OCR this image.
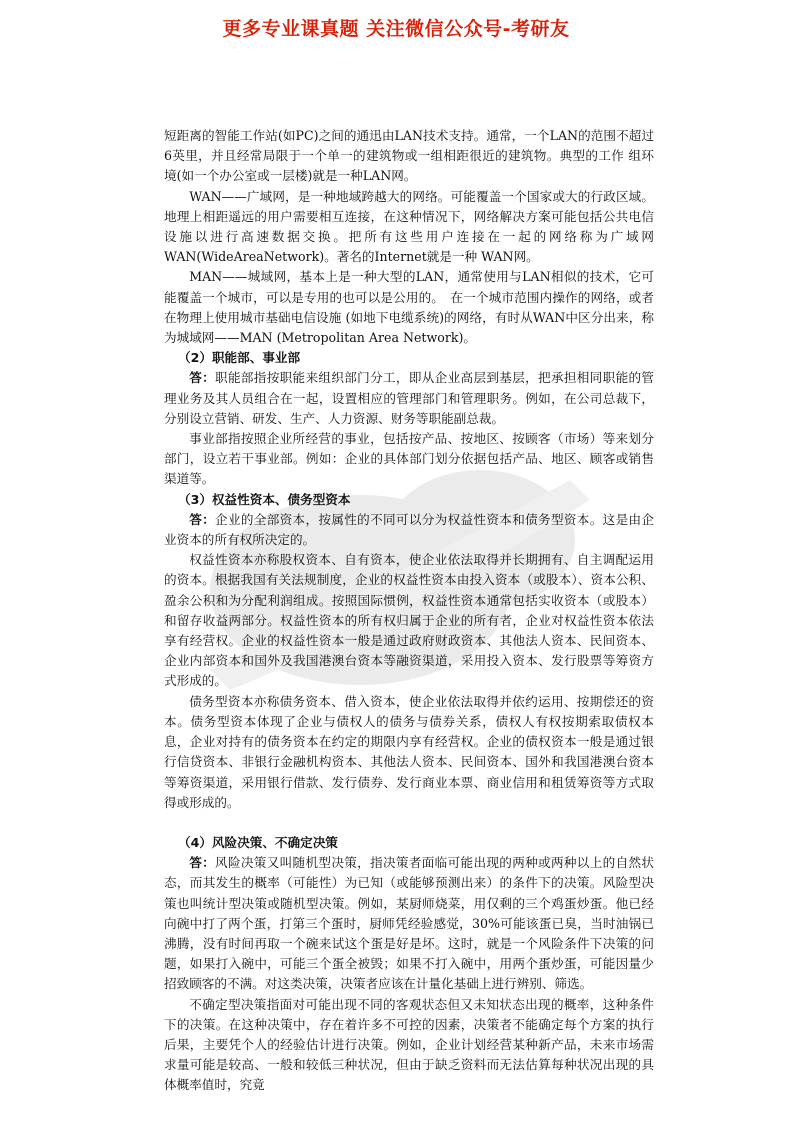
更多专业课真题 关注微信公众号-考研友

短距离的智能工作站(如PC)之间的通迅由LAN技术支持。通常，一个LAN的范围不超过6英里，并且经常局限于一个单一的建筑物或一组相距很近的建筑物。典型的工作 组环境(如一个办公室或一层楼)就是一种LAN网。

WAN——广域网，是一种地域跨越大的网络。可能覆盖一个国家或大的行政区域。地理上相距遥远的用户需要相互连接，在这种情况下，网络解决方案可能包括公共电信设施以进行高速数据交换。把所有这些用户连接在一起的网络称为广域网WAN(WideAreaNetwork)。著名的Internet就是一种 WAN网。

MAN——城域网，基本上是一种大型的LAN，通常使用与LAN相似的技术，它可能覆盖一个城市，可以是专用的也可以是公用的。　在一个城市范围内操作的网络，或者在物理上使用城市基础电信设施 (如地下电缆系统)的网络，有时从WAN中区分出来，称为城域网——MAN (Metropolitan Area Network)。

（2）职能部、事业部

答：职能部指按职能来组织部门分工，即从企业高层到基层，把承担相同职能的管理业务及其人员组合在一起，设置相应的管理部门和管理职务。例如，在公司总裁下，分别设立营销、研发、生产、人力资源、财务等职能副总裁。

事业部指按照企业所经营的事业，包括按产品、按地区、按顾客（市场）等来划分部门，设立若干事业部。例如：企业的具体部门划分依据包括产品、地区、顾客或销售渠道等。

（3）权益性资本、债务型资本

答：企业的全部资本，按属性的不同可以分为权益性资本和债务型资本。这是由企业资本的所有权所决定的。

权益性资本亦称股权资本、自有资本，使企业依法取得并长期拥有、自主调配运用的资本。根据我国有关法规制度，企业的权益性资本由投入资本（或股本）、资本公积、盈余公积和为分配利润组成。按照国际惯例，权益性资本通常包括实收资本（或股本）和留存收益两部分。权益性资本的所有权归属于企业的所有者，企业对权益性资本依法享有经营权。企业的权益性资本一般是通过政府财政资本、其他法人资本、民间资本、企业内部资本和国外及我国港澳台资本等融资渠道，采用投入资本、发行股票等筹资方式形成的。

债务型资本亦称债务资本、借入资本，使企业依法取得并依约运用、按期偿还的资本。债务型资本体现了企业与债权人的债务与债券关系，债权人有权按期索取债权本息，企业对持有的债务资本在约定的期限内享有经营权。企业的债权资本一般是通过银行信贷资本、非银行金融机构资本、其他法人资本、民间资本、国外和我国港澳台资本等筹资渠道，采用银行借款、发行债券、发行商业本票、商业信用和租赁筹资等方式取得或形成的。

（4）风险决策、不确定决策

答：风险决策又叫随机型决策，指决策者面临可能出现的两种或两种以上的自然状态，而其发生的概率（可能性）为已知（或能够预测出来）的条件下的决策。风险型决策也叫统计型决策或随机型决策。例如，某厨师烧菜，用仅剩的三个鸡蛋炒蛋。他已经向碗中打了两个蛋，打第三个蛋时，厨师凭经验感觉，30%可能该蛋已臭，当时油锅已沸腾，没有时间再取一个碗来试这个蛋是好是坏。这时，就是一个风险条件下决策的问题，如果打入碗中，可能三个蛋全被毁；如果不打入碗中，用两个蛋炒蛋，可能因量少招致顾客的不满。对这类决策，决策者应该在计量化基础上进行辨别、筛选。

不确定型决策指面对可能出现不同的客观状态但又未知状态出现的概率，这种条件下的决策。在这种决策中，存在着许多不可控的因素，决策者不能确定每个方案的执行后果，主要凭个人的经验估计进行决策。例如，企业计划经营某种新产品，未来市场需求量可能是较高、一般和较低三种状况，但由于缺乏资料而无法估算每种状况出现的具体概率值时，究竟
